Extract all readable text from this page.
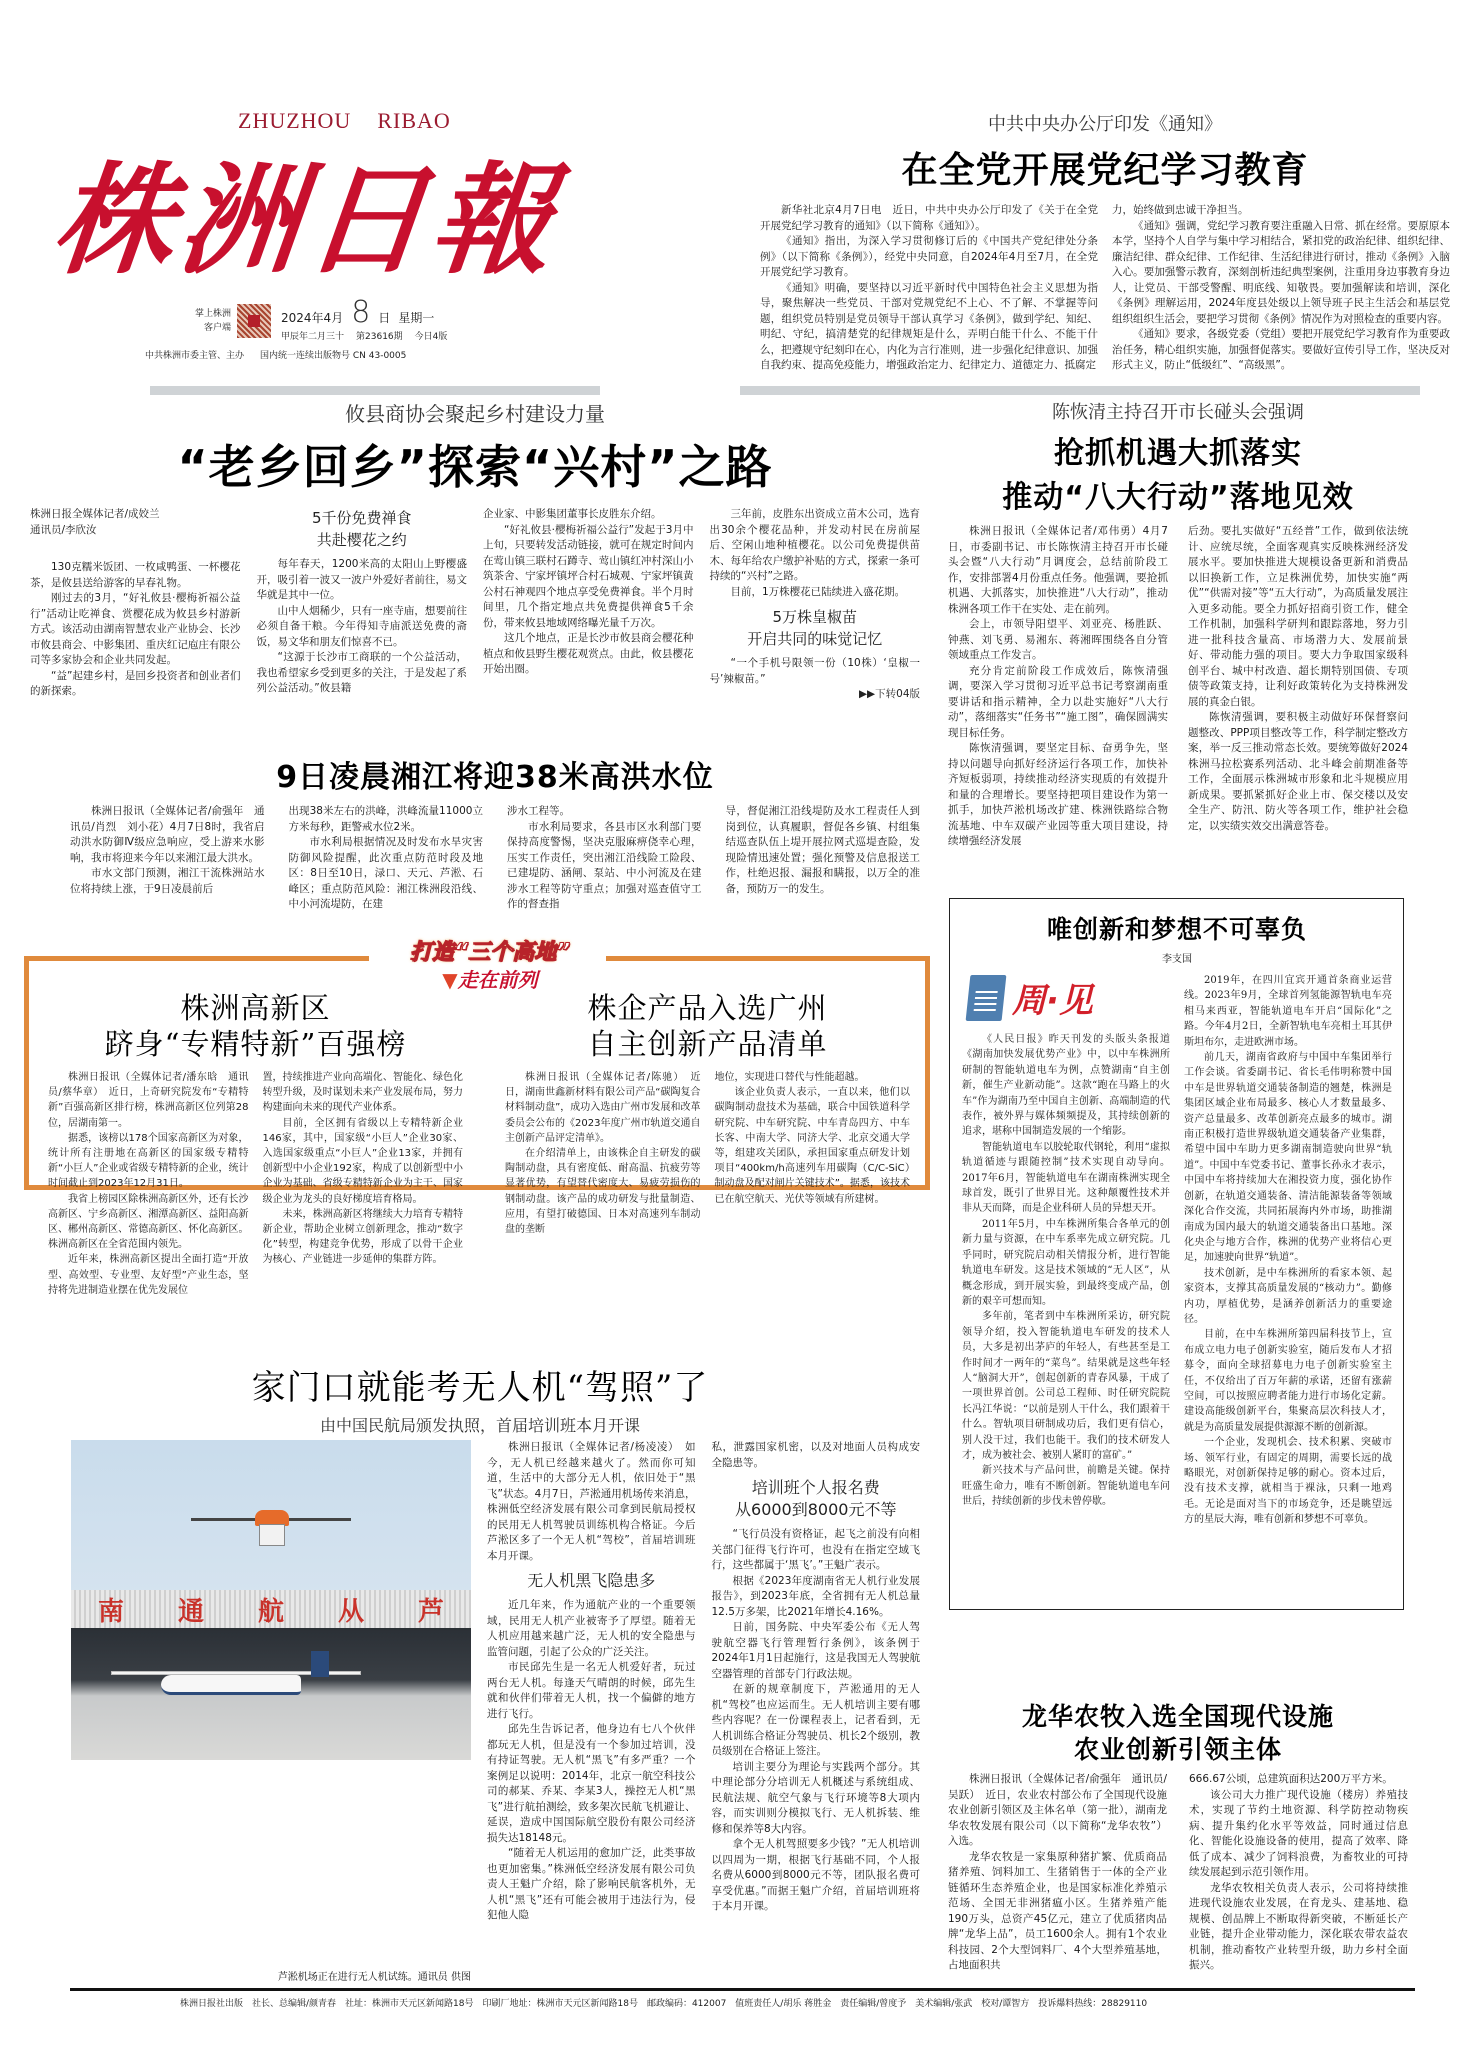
ZHUZHOU    RIBAO
株洲日報
掌上株洲
客户端
2024年4月 8 日 星期一
甲辰年二月三十 第23616期 今日4版
中共株洲市委主管、主办 国内统一连续出版物号 CN 43-0005
中共中央办公厅印发《通知》
在全党开展党纪学习教育

新华社北京4月7日电　近日，中共中央办公厅印发了《关于在全党开展党纪学习教育的通知》（以下简称《通知》）。

《通知》指出，为深入学习贯彻修订后的《中国共产党纪律处分条例》（以下简称《条例》），经党中央同意，自2024年4月至7月，在全党开展党纪学习教育。

《通知》明确，要坚持以习近平新时代中国特色社会主义思想为指导，聚焦解决一些党员、干部对党规党纪不上心、不了解、不掌握等问题，组织党员特别是党员领导干部认真学习《条例》，做到学纪、知纪、明纪、守纪，搞清楚党的纪律规矩是什么，弄明白能干什么、不能干什么，把遵规守纪刻印在心，内化为言行准则，进一步强化纪律意识、加强自我约束、提高免疫能力，增强政治定力、纪律定力、道德定力、抵腐定

力，始终做到忠诚干净担当。

《通知》强调，党纪学习教育要注重融入日常、抓在经常。要原原本本学，坚持个人自学与集中学习相结合，紧扣党的政治纪律、组织纪律、廉洁纪律、群众纪律、工作纪律、生活纪律进行研讨，推动《条例》入脑入心。要加强警示教育，深刻剖析违纪典型案例，注重用身边事教育身边人，让党员、干部受警醒、明底线、知敬畏。要加强解读和培训，深化《条例》理解运用，2024年度县处级以上领导班子民主生活会和基层党组织组织生活会，要把学习贯彻《条例》情况作为对照检查的重要内容。

《通知》要求，各级党委（党组）要把开展党纪学习教育作为重要政治任务，精心组织实施，加强督促落实。要做好宣传引导工作，坚决反对形式主义，防止“低级红”、“高级黑”。

攸县商协会聚起乡村建设力量
“老乡回乡”探索“兴村”之路
株洲日报全媒体记者/成姣兰
通讯员/李欣汝

130克糯米饭团、一枚咸鸭蛋、一杯樱花茶，是攸县送给游客的早春礼物。

刚过去的3月，“好礼攸县·樱梅祈福公益行”活动让吃禅食、赏樱花成为攸县乡村游新方式。该活动由湖南智慧农业产业协会、长沙市攸县商会、中影集团、重庆红记庖庄有限公司等多家协会和企业共同发起。

“益”起建乡村，是回乡投资者和创业者们的新探索。

5千份免费禅食
共赴樱花之约

每年春天，1200米高的太阳山上野樱盛开，吸引着一波又一波户外爱好者前往，易文华就是其中一位。

山中人烟稀少，只有一座寺庙，想要前往必须自备干粮。今年得知寺庙派送免费的斋饭，易文华和朋友们惊喜不已。

“这源于长沙市工商联的一个公益活动，我也希望家乡受到更多的关注，于是发起了系列公益活动。”攸县籍

企业家、中影集团董事长皮胜东介绍。

“好礼攸县·樱梅祈福公益行”发起于3月中上旬，只要转发活动链接，就可在规定时间内在莺山镇三联村石蹲寺、莺山镇红冲村深山小筑茶舍、宁家坪镇坪合村石城观、宁家坪镇黄公村石神观四个地点享受免费禅食。半个月时间里，几个指定地点共免费提供禅食5千余份，带来攸县地域网络曝光量千万次。

这几个地点，正是长沙市攸县商会樱花种植点和攸县野生樱花观赏点。由此，攸县樱花开始出圈。

三年前，皮胜东出资成立苗木公司，选育出30余个樱花品种，并发动村民在房前屋后、空闲山地种植樱花。以公司免费提供苗木、每年给农户缴护补贴的方式，探索一条可持续的“兴村”之路。

目前，1万株樱花已陆续进入盛花期。

5万株皇椒苗
开启共同的味觉记忆

“一个手机号限领一份（10株）‘皇椒一号’辣椒苗。”

▶▶下转04版
陈恢清主持召开市长碰头会强调
抢抓机遇大抓落实
推动“八大行动”落地见效

株洲日报讯（全媒体记者/邓伟勇）4月7日，市委副书记、市长陈恢清主持召开市长碰头会暨“八大行动”月调度会，总结前阶段工作，安排部署4月份重点任务。他强调，要抢抓机遇、大抓落实，加快推进“八大行动”，推动株洲各项工作干在实处、走在前列。

会上，市领导阳望平、刘亚亮、杨胜跃、钟燕、刘飞勇、易湘东、蒋湘晖围绕各自分管领域重点工作发言。

充分肯定前阶段工作成效后，陈恢清强调，要深入学习贯彻习近平总书记考察湖南重要讲话和指示精神，全力以赴实施好“八大行动”，落细落实“任务书”“施工图”，确保圆满实现目标任务。

陈恢清强调，要坚定目标、奋勇争先，坚持以问题导向抓好经济运行各项工作，加快补齐短板弱项，持续推动经济实现质的有效提升和量的合理增长。要坚持把项目建设作为第一抓手，加快芦淞机场改扩建、株洲铁路综合物流基地、中车双碳产业园等重大项目建设，持续增强经济发展

后劲。要扎实做好“五经普”工作，做到依法统计、应统尽统，全面客观真实反映株洲经济发展水平。要加快推进大规模设备更新和消费品以旧换新工作，立足株洲优势，加快实施“两优”“供需对接”等“五大行动”，为高质量发展注入更多动能。要全力抓好招商引资工作，健全工作机制，加强科学研判和跟踪落地，努力引进一批科技含量高、市场潜力大、发展前景好、带动能力强的项目。要大力争取国家级科创平台、城中村改造、超长期特别国债、专项债等政策支持，让利好政策转化为支持株洲发展的真金白银。

陈恢清强调，要积极主动做好环保督察问题整改、PPP项目整改等工作，科学制定整改方案，举一反三推动常态长效。要统筹做好2024株洲马拉松赛系列活动、北斗峰会前期准备等工作，全面展示株洲城市形象和北斗规模应用新成果。要抓紧抓好企业上市、保交楼以及安全生产、防汛、防火等各项工作，维护社会稳定，以实绩实效交出满意答卷。

9日凌晨湘江将迎38米高洪水位

株洲日报讯（全媒体记者/俞强年　通讯员/肖烈　刘小花）4月7日8时，我省启动洪水防御Ⅳ级应急响应，受上游来水影响，我市将迎来今年以来湘江最大洪水。

市水文部门预测，湘江干流株洲站水位将持续上涨，于9日凌晨前后

出现38米左右的洪峰，洪峰流量11000立方米每秒，距警戒水位2米。

市水利局根据情况及时发布水旱灾害防御风险提醒，此次重点防范时段及地区：8日至10日，渌口、天元、芦淞、石峰区；重点防范风险：湘江株洲段沿线、中小河流堤防，在建

涉水工程等。

市水利局要求，各县市区水利部门要保持高度警惕，坚决克服麻痹侥幸心理，压实工作责任，突出湘江沿线险工险段、已建堤防、涵闸、泵站、中小河流及在建涉水工程等防守重点；加强对巡查值守工作的督查指

导，督促湘江沿线堤防及水工程责任人到岗到位，认真履职，督促各乡镇、村组集结巡查队伍上堤开展拉网式巡堤查险，发现险情迅速处置；强化预警及信息报送工作，杜绝迟报、漏报和瞒报，以万全的准备，预防万一的发生。

打造“三个高地”
▼走在前列
株洲高新区
跻身“专精特新”百强榜

株洲日报讯（全媒体记者/潘东晗　通讯员/蔡华章）　近日，上奇研究院发布“专精特新”百强高新区排行榜，株洲高新区位列第28位，居湖南第一。

据悉，该榜以178个国家高新区为对象，统计所有注册地在高新区的国家级专精特新“小巨人”企业或省级专精特新的企业，统计时间截止到2023年12月31日。

我省上榜园区除株洲高新区外，还有长沙高新区、宁乡高新区、湘潭高新区、益阳高新区、郴州高新区、常德高新区、怀化高新区。株洲高新区在全省范围内领先。

近年来，株洲高新区提出全面打造“开放型、高效型、专业型、友好型”产业生态，坚持将先进制造业摆在优先发展位

置，持续推进产业向高端化、智能化、绿色化转型升级，及时谋划未来产业发展布局，努力构建面向未来的现代产业体系。

目前，全区拥有省级以上专精特新企业146家，其中，国家级“小巨人”企业30家、入选国家级重点“小巨人”企业13家，并拥有创新型中小企业192家，构成了以创新型中小企业为基础、省级专精特新企业为主干、国家级企业为龙头的良好梯度培育格局。

未来，株洲高新区将继续大力培育专精特新企业，帮助企业树立创新理念，推动“数字化”转型，构建竞争优势，形成了以骨干企业为核心、产业链进一步延伸的集群方阵。

株企产品入选广州
自主创新产品清单

株洲日报讯（全媒体记者/陈驰）　近日，湖南世鑫新材料有限公司产品“碳陶复合材料制动盘”，成功入选由广州市发展和改革委员会公布的《2023年度广州市轨道交通自主创新产品评定清单》。

在介绍清单上，由该株企自主研发的碳陶制动盘，具有密度低、耐高温、抗疲劳等显著优势，有望替代密度大、易疲劳损伤的钢制动盘。该产品的成功研发与批量制造、应用，有望打破德国、日本对高速列车制动盘的垄断

地位，实现进口替代与性能超越。

该企业负责人表示，一直以来，他们以碳陶制动盘技术为基础，联合中国铁道科学研究院、中车研究院、中车青岛四方、中车长客、中南大学、同济大学、北京交通大学等，组建攻关团队，承担国家重点研发计划项目“400km/h高速列车用碳陶（C/C-SiC）制动盘及配对闸片关键技术”。据悉，该技术已在航空航天、光伏等领域有所建树。

唯创新和梦想不可辜负
李支国
周·见

《人民日报》昨天刊发的头版头条报道《湖南加快发展优势产业》中，以中车株洲所研制的智能轨道电车为例，点赞湖南“自主创新，催生产业新动能”。这款“跑在马路上的火车”作为湖南乃至中国自主创新、高端制造的代表作，被外界与媒体频频提及，其持续创新的追求，堪称中国制造发展的一个缩影。

智能轨道电车以胶轮取代钢轮，利用“虚拟轨道循迹与跟随控制”技术实现自动导向。2017年6月，智能轨道电车在湖南株洲实现全球首发，既引了世界目光。这种颠覆性技术并非从天而降，而是企业科研人员的异想天开。

2011年5月，中车株洲所集合各单元的创新力量与资源，在中车系率先成立研究院。几乎同时，研究院启动相关情报分析，进行智能轨道电车研发。这是技术领域的“无人区”，从概念形成，到开展实验，到最终变成产品，创新的艰辛可想而知。

多年前，笔者到中车株洲所采访，研究院领导介绍，投入智能轨道电车研发的技术人员，大多是初出茅庐的年轻人，有些甚至是工作时间才一两年的“菜鸟”。结果就是这些年轻人“脑洞大开”，创起创新的青春风暴，干成了一项世界首创。公司总工程师、时任研究院院长冯江华说：“以前是别人干什么，我们跟着干什么。智轨项目研制成功后，我们更有信心，别人没干过，我们也能干。我们的技术研发人才，成为被社会、被别人紧盯的富矿。”

新兴技术与产品问世，前瞻是关键。保持旺盛生命力，唯有不断创新。智能轨道电车问世后，持续创新的步伐未曾停歇。

2019年，在四川宜宾开通首条商业运营线。2023年9月，全球首列氢能源智轨电车亮相马来西亚，智能轨道电车开启“国际化”之路。今年4月2日，全新智轨电车亮相土耳其伊斯坦布尔，走进欧洲市场。

前几天，湖南省政府与中国中车集团举行工作会谈。省委副书记、省长毛伟明称赞中国中车是世界轨道交通装备制造的翘楚，株洲是集团区域企业布局最多、核心人才数量最多、资产总量最多、改革创新亮点最多的城市。湖南正积极打造世界级轨道交通装备产业集群，希望中国中车助力更多湖南制造驶向世界“轨道”。中国中车党委书记、董事长孙永才表示，中国中车将持续加大在湘投资力度，强化协作创新，在轨道交通装备、清洁能源装备等领域深化合作交流，共同拓展海内外市场，助推湖南成为国内最大的轨道交通装备出口基地。深化央企与地方合作，株洲的优势产业将信心更足，加速驶向世界“轨道”。

技术创新，是中车株洲所的看家本领、起家资本，支撑其高质量发展的“核动力”。勤修内功，厚植优势，是涵养创新活力的重要途径。

目前，在中车株洲所第四届科技节上，宣布成立电力电子创新实验室，随后发布人才招募令，面向全球招募电力电子创新实验室主任，不仅给出了百万年薪的承诺，还留有涨薪空间，可以按照应聘者能力进行市场化定薪。建设高能级创新平台，集聚高层次科技人才，就是为高质量发展提供源源不断的创新源。

一个企业，发现机会、技术积累、突破市场、领军行业，有固定的周期，需要长远的战略眼光，对创新保持足够的耐心。资本过后，没有技术支撑，就相当于裸泳，只剩一地鸡毛。无论是面对当下的市场竞争，还是眺望远方的星辰大海，唯有创新和梦想不可辜负。

家门口就能考无人机“驾照”了
由中国民航局颁发执照，首届培训班本月开课
南 通 航 从 芦
芦淞机场正在进行无人机试练。通讯员 供图

株洲日报讯（全媒体记者/杨凌凌）　如今，无人机已经越来越火了。然而你可知道，生活中的大部分无人机，依旧处于“黑飞”状态。4月7日，芦淞通用机场传来消息，株洲低空经济发展有限公司拿到民航局授权的民用无人机驾驶员训练机构合格证。今后芦淞区多了一个无人机“驾校”，首届培训班本月开课。

无人机黑飞隐患多

近几年来，作为通航产业的一个重要领域，民用无人机产业被寄予了厚望。随着无人机应用越来越广泛，无人机的安全隐患与监管问题，引起了公众的广泛关注。

市民邱先生是一名无人机爱好者，玩过两台无人机。每逢天气晴朗的时候，邱先生就和伙伴们带着无人机，找一个偏僻的地方进行飞行。

邱先生告诉记者，他身边有七八个伙伴都玩无人机，但是没有一个参加过培训，没有持证驾驶。无人机“黑飞”有多严重？一个案例足以说明：2014年，北京一航空科技公司的郝某、乔某、李某3人，操控无人机“黑飞”进行航拍测绘，致多架次民航飞机避让、延误，造成中国国际航空股份有限公司经济损失达18148元。

“随着无人机运用的愈加广泛，此类事故也更加密集。”株洲低空经济发展有限公司负责人王魁广介绍，除了影响民航客机外，无人机“黑飞”还有可能会被用于违法行为，侵犯他人隐

私，泄露国家机密，以及对地面人员构成安全隐患等。

培训班个人报名费
从6000到8000元不等

“飞行员没有资格证，起飞之前没有向相关部门征得飞行许可，也没有在指定空域飞行，这些都属于‘黑飞’。”王魁广表示。

根据《2023年度湖南省无人机行业发展报告》，到2023年底，全省拥有无人机总量12.5万多架，比2021年增长4.16%。

日前，国务院、中央军委公布《无人驾驶航空器飞行管理暂行条例》，该条例于2024年1月1日起施行，这是我国无人驾驶航空器管理的首部专门行政法规。

在新的规章制度下，芦淞通用的无人机“驾校”也应运而生。无人机培训主要有哪些内容呢？在一份课程表上，记者看到，无人机训练合格证分驾驶员、机长2个级别，教员级别在合格证上签注。

培训主要分为理论与实践两个部分。其中理论部分分培训无人机概述与系统组成、民航法规、航空气象与飞行环境等8大项内容，而实训则分模拟飞行、无人机拆装、维修和保养等8大内容。

拿个无人机驾照要多少钱？”无人机培训以四周为一期，根据飞行基础不同，个人报名费从6000到8000元不等，团队报名费可享受优惠。”而据王魁广介绍，首届培训班将于本月开课。

龙华农牧入选全国现代设施
农业创新引领主体

株洲日报讯（全媒体记者/俞强年　通讯员/吴跃）　近日，农业农村部公布了全国现代设施农业创新引领区及主体名单（第一批），湖南龙华农牧发展有限公司（以下简称“龙华农牧”）入选。

龙华农牧是一家集原种猪扩繁、优质商品猪养殖、饲料加工、生猪销售于一体的全产业链循环生态养殖企业，也是国家标准化养殖示范场、全国无非洲猪瘟小区。生猪养殖产能190万头，总资产45亿元，建立了优质猪肉品牌“龙华上品”，员工1600余人。拥有1个农业科技园、2个大型饲料厂、4个大型养殖基地，占地面积共

666.67公顷，总建筑面积达200万平方米。

该公司大力推广现代设施（楼房）养殖技术，实现了节约土地资源、科学防控动物疾病、提升集约化水平等效益，同时通过信息化、智能化设施设备的使用，提高了效率、降低了成本、减少了饲料浪费，为畜牧业的可持续发展起到示范引领作用。

龙华农牧相关负责人表示，公司将持续推进现代设施农业发展，在育龙头、建基地、稳规模、创品牌上不断取得新突破，不断延长产业链，提升企业带动能力，深化联农带农益农机制，推动畜牧产业转型升级，助力乡村全面振兴。

株洲日报社出版　社长、总编辑/颜青春　社址：株洲市天元区新闻路18号　印刷厂地址：株洲市天元区新闻路18号　邮政编码：412007　值班责任人/胡乐 蒋胜金　责任编辑/曾度予　美术编辑/张武　校对/谭智方　投诉爆料热线：28829110
